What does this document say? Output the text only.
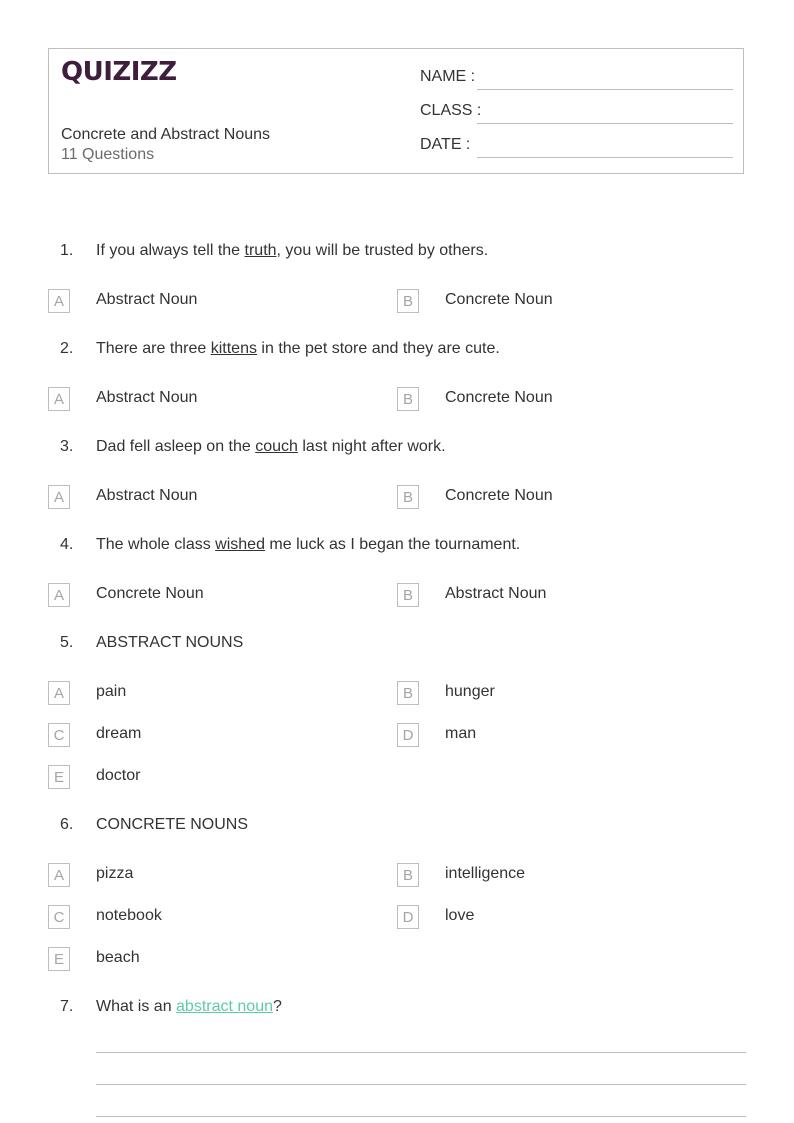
QUIZIZZ
Concrete and Abstract Nouns
11 Questions
NAME :
CLASS :
DATE :
1. If you always tell the truth, you will be trusted by others.
A	Abstract Noun	B	Concrete Noun
2. There are three kittens in the pet store and they are cute.
A	Abstract Noun	B	Concrete Noun
3. Dad fell asleep on the couch last night after work.
A	Abstract Noun	B	Concrete Noun
4. The whole class wished me luck as I began the tournament.
A	Concrete Noun	B	Abstract Noun
5. ABSTRACT NOUNS
A	pain	B	hunger
C	dream	D	man
E	doctor
6. CONCRETE NOUNS
A	pizza	B	intelligence
C	notebook	D	love
E	beach
7. What is an abstract noun?
